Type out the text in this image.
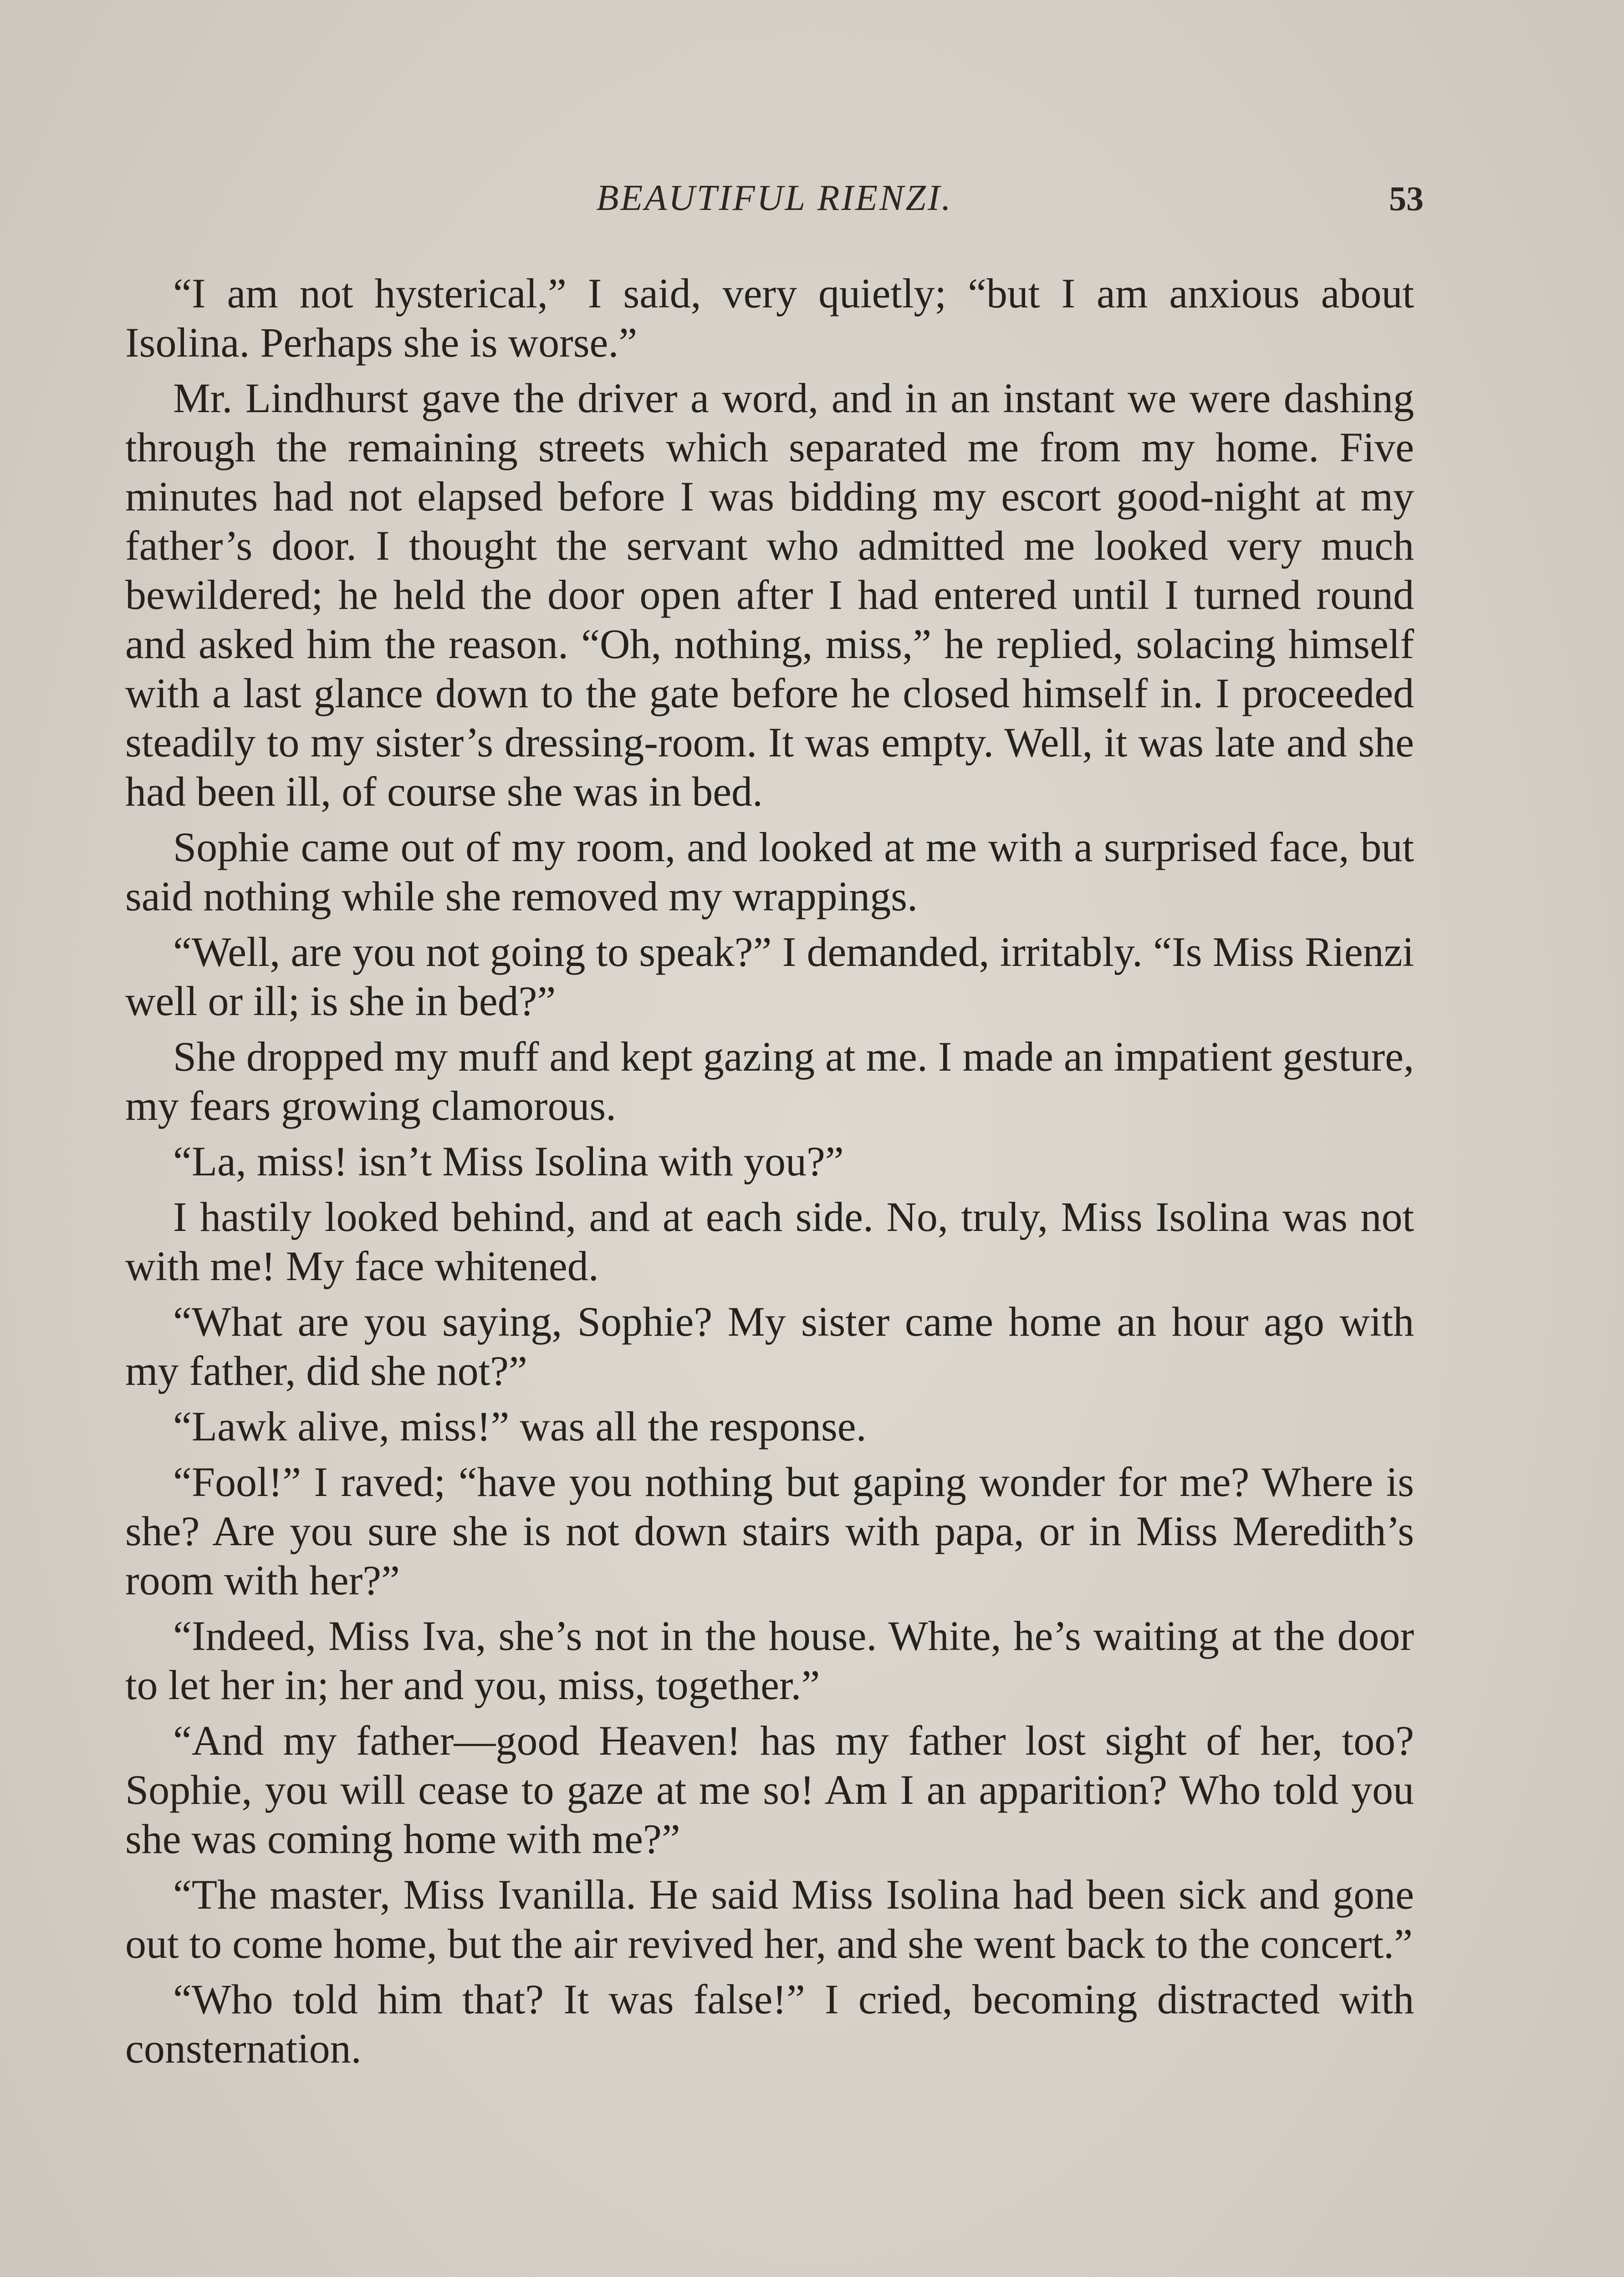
BEAUTIFUL RIENZI.	53

“I am not hysterical,” I said, very quietly; “but I am anxious about Isolina. Perhaps she is worse.”

Mr. Lindhurst gave the driver a word, and in an instant we were dashing through the remaining streets which separated me from my home. Five minutes had not elapsed before I was bidding my escort good-night at my father’s door. I thought the servant who admitted me looked very much bewildered; he held the door open after I had entered until I turned round and asked him the reason. “Oh, nothing, miss,” he replied, solacing himself with a last glance down to the gate before he closed himself in. I proceeded steadily to my sister’s dressing-room. It was empty. Well, it was late and she had been ill, of course she was in bed.

Sophie came out of my room, and looked at me with a surprised face, but said nothing while she removed my wrappings.

“Well, are you not going to speak?” I demanded, irritably. “Is Miss Rienzi well or ill; is she in bed?”

She dropped my muff and kept gazing at me. I made an impatient gesture, my fears growing clamorous.

“La, miss! isn’t Miss Isolina with you?”

I hastily looked behind, and at each side. No, truly, Miss Isolina was not with me! My face whitened.

“What are you saying, Sophie? My sister came home an hour ago with my father, did she not?”

“Lawk alive, miss!” was all the response.

“Fool!” I raved; “have you nothing but gaping wonder for me? Where is she? Are you sure she is not down stairs with papa, or in Miss Meredith’s room with her?”

“Indeed, Miss Iva, she’s not in the house. White, he’s waiting at the door to let her in; her and you, miss, together.”

“And my father—good Heaven! has my father lost sight of her, too? Sophie, you will cease to gaze at me so! Am I an apparition? Who told you she was coming home with me?”

“The master, Miss Ivanilla. He said Miss Isolina had been sick and gone out to come home, but the air revived her, and she went back to the concert.”

“Who told him that? It was false!” I cried, becoming distracted with consternation.
